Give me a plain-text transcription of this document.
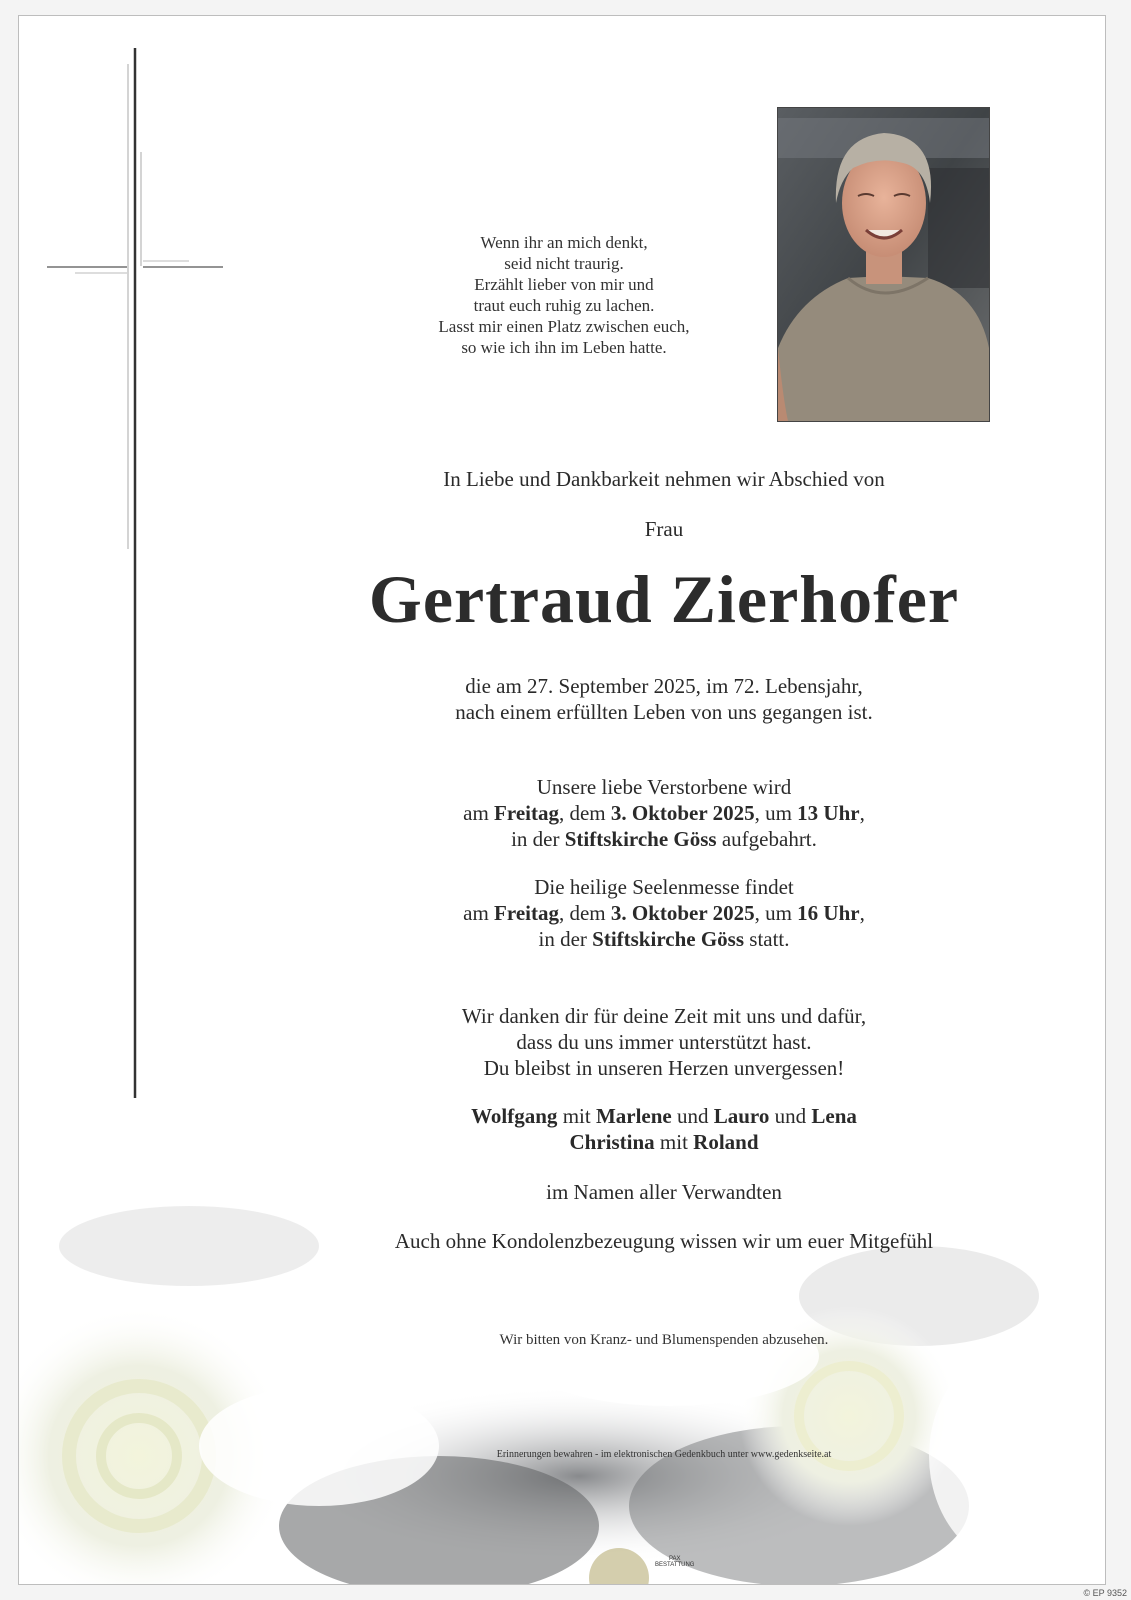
Wenn ihr an mich denkt,
seid nicht traurig.
Erzählt lieber von mir und
traut euch ruhig zu lachen.
Lasst mir einen Platz zwischen euch,
so wie ich ihn im Leben hatte.
In Liebe und Dankbarkeit nehmen wir Abschied von
Frau
Gertraud Zierhofer
die am 27. September 2025, im 72. Lebensjahr,
nach einem erfüllten Leben von uns gegangen ist.
Unsere liebe Verstorbene wird
am Freitag, dem 3. Oktober 2025, um 13 Uhr,
in der Stiftskirche Göss aufgebahrt.
Die heilige Seelenmesse findet
am Freitag, dem 3. Oktober 2025, um 16 Uhr,
in der Stiftskirche Göss statt.
Wir danken dir für deine Zeit mit uns und dafür,
dass du uns immer unterstützt hast.
Du bleibst in unseren Herzen unvergessen!
Wolfgang mit Marlene und Lauro und Lena
Christina mit Roland
im Namen aller Verwandten
Auch ohne Kondolenzbezeugung wissen wir um euer Mitgefühl
Wir bitten von Kranz- und Blumenspenden abzusehen.
Erinnerungen bewahren - im elektronischen Gedenkbuch unter www.gedenkseite.at
PAX
BESTATTUNG
© EP 9352
